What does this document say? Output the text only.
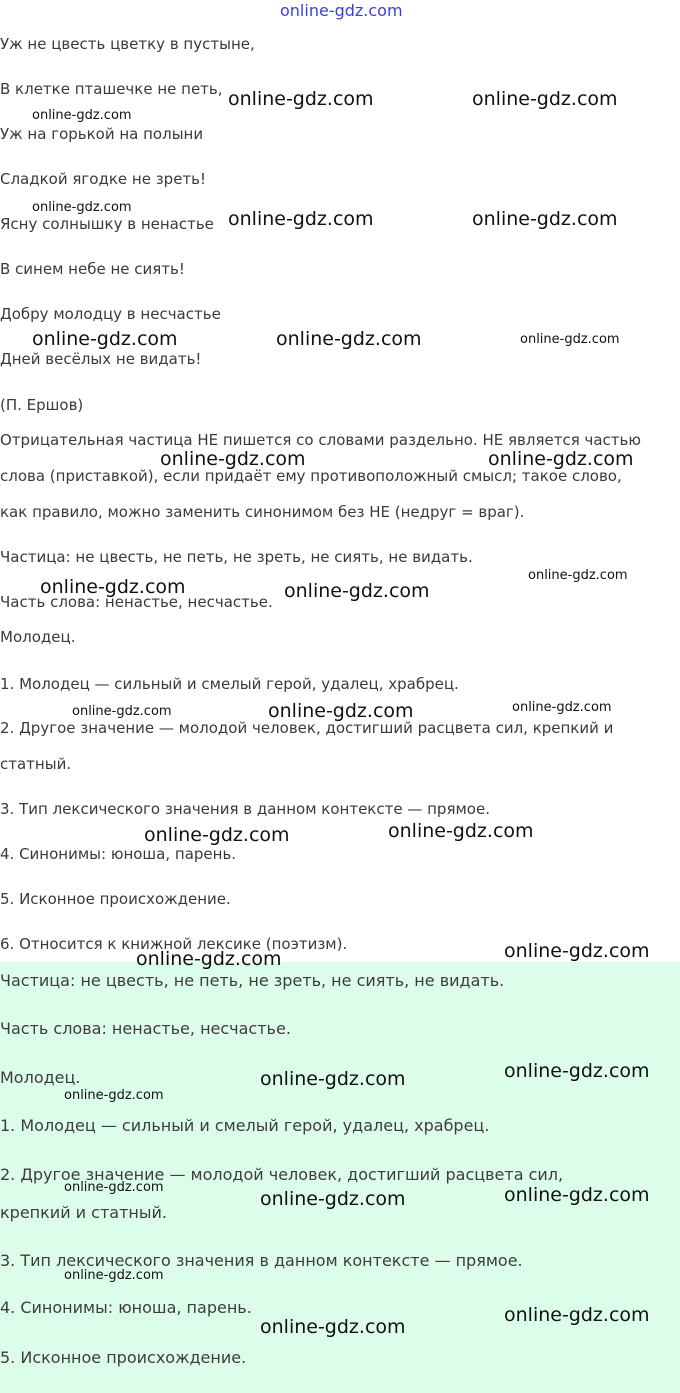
online-gdz.com
Уж не цвесть цветку в пустыне,
В клетке пташечке не петь,
Уж на горькой на полыни
Сладкой ягодке не зреть!
Ясну солнышку в ненастье
В синем небе не сиять!
Добру молодцу в несчастье
Дней весёлых не видать!
(П. Ершов)
Отрицательная частица НЕ пишется со словами раздельно. НЕ является частью
слова (приставкой), если придаёт ему противоположный смысл; такое слово,
как правило, можно заменить синонимом без НЕ (недруг = враг).
Частица: не цвесть, не петь, не зреть, не сиять, не видать.
Часть слова: ненастье, несчастье.
Молодец.
1. Молодец — сильный и смелый герой, удалец, храбрец.
2. Другое значение — молодой человек, достигший расцвета сил, крепкий и
статный.
3. Тип лексического значения в данном контексте — прямое.
4. Синонимы: юноша, парень.
5. Исконное происхождение.
6. Относится к книжной лексике (поэтизм).
Частица: не цвесть, не петь, не зреть, не сиять, не видать.
Часть слова: ненастье, несчастье.
Молодец.
1. Молодец — сильный и смелый герой, удалец, храбрец.
2. Другое значение — молодой человек, достигший расцвета сил,
крепкий и статный.
3. Тип лексического значения в данном контексте — прямое.
4. Синонимы: юноша, парень.
5. Исконное происхождение.
online-gdz.com	online-gdz.com
online-gdz.com
online-gdz.com
online-gdz.com	online-gdz.com
online-gdz.com	online-gdz.com	online-gdz.com
online-gdz.com	online-gdz.com
online-gdz.com
online-gdz.com	online-gdz.com
online-gdz.com	online-gdz.com	online-gdz.com
online-gdz.com	online-gdz.com
online-gdz.com
online-gdz.com
online-gdz.com
online-gdz.com
online-gdz.com
online-gdz.com	online-gdz.com
online-gdz.com
online-gdz.com
online-gdz.com
online-gdz.com
